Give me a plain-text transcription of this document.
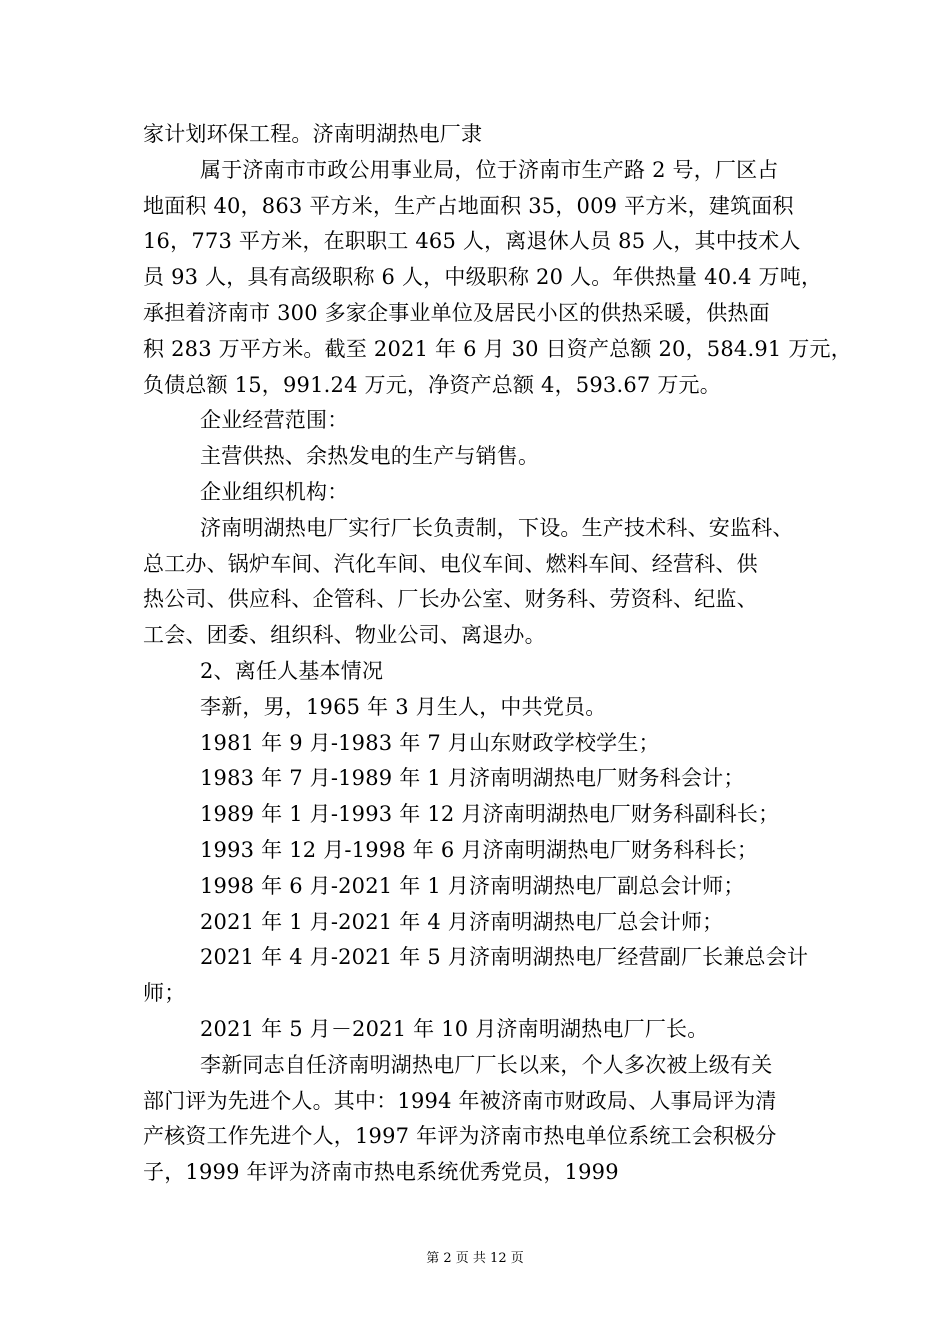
家计划环保工程。济南明湖热电厂隶
属于济南市市政公用事业局，位于济南市生产路 2 号，厂区占
地面积 40，863 平方米，生产占地面积 35，009 平方米，建筑面积
16，773 平方米，在职职工 465 人，离退休人员 85 人，其中技术人
员 93 人，具有高级职称 6 人，中级职称 20 人。年供热量 40.4 万吨，
承担着济南市 300 多家企事业单位及居民小区的供热采暖，供热面
积 283 万平方米。截至 2021 年 6 月 30 日资产总额 20，584.91 万元，
负债总额 15，991.24 万元，净资产总额 4，593.67 万元。
企业经营范围：
主营供热、余热发电的生产与销售。
企业组织机构：
济南明湖热电厂实行厂长负责制，下设。生产技术科、安监科、
总工办、锅炉车间、汽化车间、电仪车间、燃料车间、经营科、供
热公司、供应科、企管科、厂长办公室、财务科、劳资科、纪监、
工会、团委、组织科、物业公司、离退办。
2、离任人基本情况
李新，男，1965 年 3 月生人，中共党员。
1981 年 9 月-1983 年 7 月山东财政学校学生；
1983 年 7 月-1989 年 1 月济南明湖热电厂财务科会计；
1989 年 1 月-1993 年 12 月济南明湖热电厂财务科副科长；
1993 年 12 月-1998 年 6 月济南明湖热电厂财务科科长；
1998 年 6 月-2021 年 1 月济南明湖热电厂副总会计师；
2021 年 1 月-2021 年 4 月济南明湖热电厂总会计师；
2021 年 4 月-2021 年 5 月济南明湖热电厂经营副厂长兼总会计
师；
2021 年 5 月－2021 年 10 月济南明湖热电厂厂长。
李新同志自任济南明湖热电厂厂长以来，个人多次被上级有关
部门评为先进个人。其中：1994 年被济南市财政局、人事局评为清
产核资工作先进个人，1997 年评为济南市热电单位系统工会积极分
子，1999 年评为济南市热电系统优秀党员，1999
第 2 页 共 12 页
